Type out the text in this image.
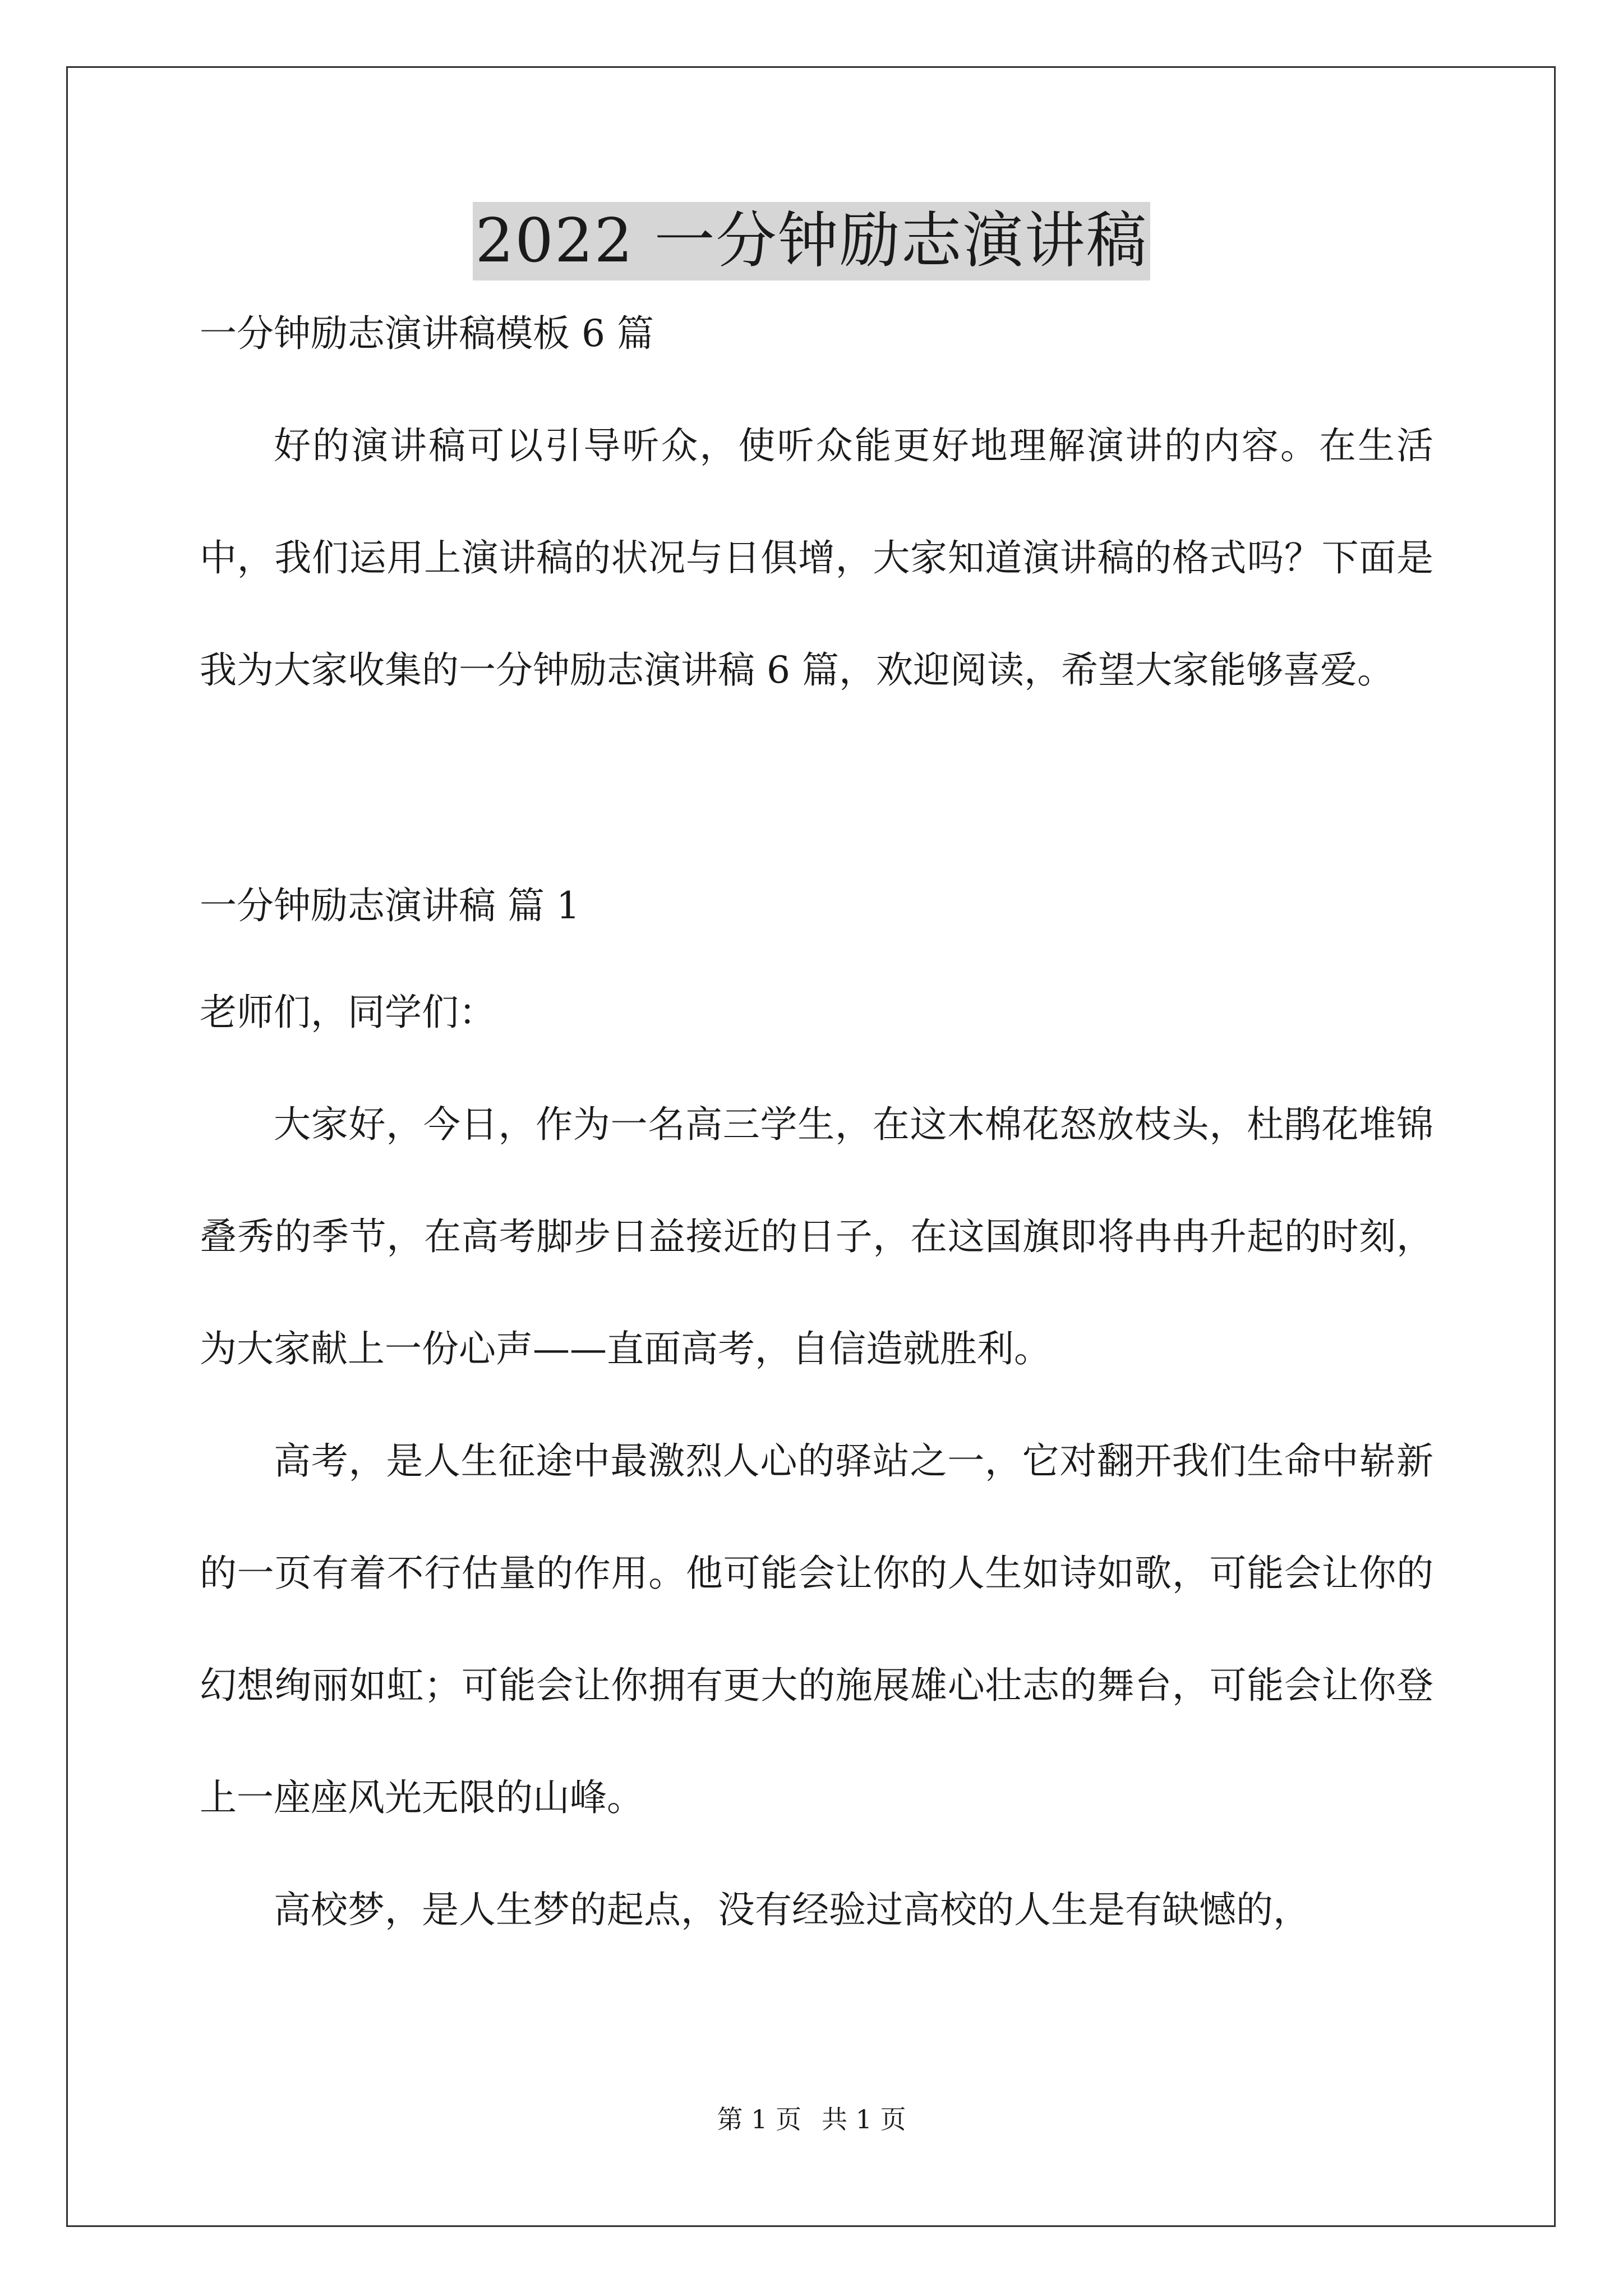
2022 一分钟励志演讲稿
一分钟励志演讲稿模板 6 篇
好的演讲稿可以引导听众，使听众能更好地理解演讲的内容。在生活中，我们运用上演讲稿的状况与日俱增，大家知道演讲稿的格式吗？下面是我为大家收集的一分钟励志演讲稿 6 篇，欢迎阅读，希望大家能够喜爱。
一分钟励志演讲稿 篇 1
老师们，同学们：
大家好，今日，作为一名高三学生，在这木棉花怒放枝头，杜鹃花堆锦叠秀的季节，在高考脚步日益接近的日子，在这国旗即将冉冉升起的时刻，为大家献上一份心声——直面高考，自信造就胜利。
高考，是人生征途中最激烈人心的驿站之一，它对翻开我们生命中崭新的一页有着不行估量的作用。他可能会让你的人生如诗如歌，可能会让你的幻想绚丽如虹；可能会让你拥有更大的施展雄心壮志的舞台，可能会让你登上一座座风光无限的山峰。
高校梦，是人生梦的起点，没有经验过高校的人生是有缺憾的，
第 1 页 共 1 页
